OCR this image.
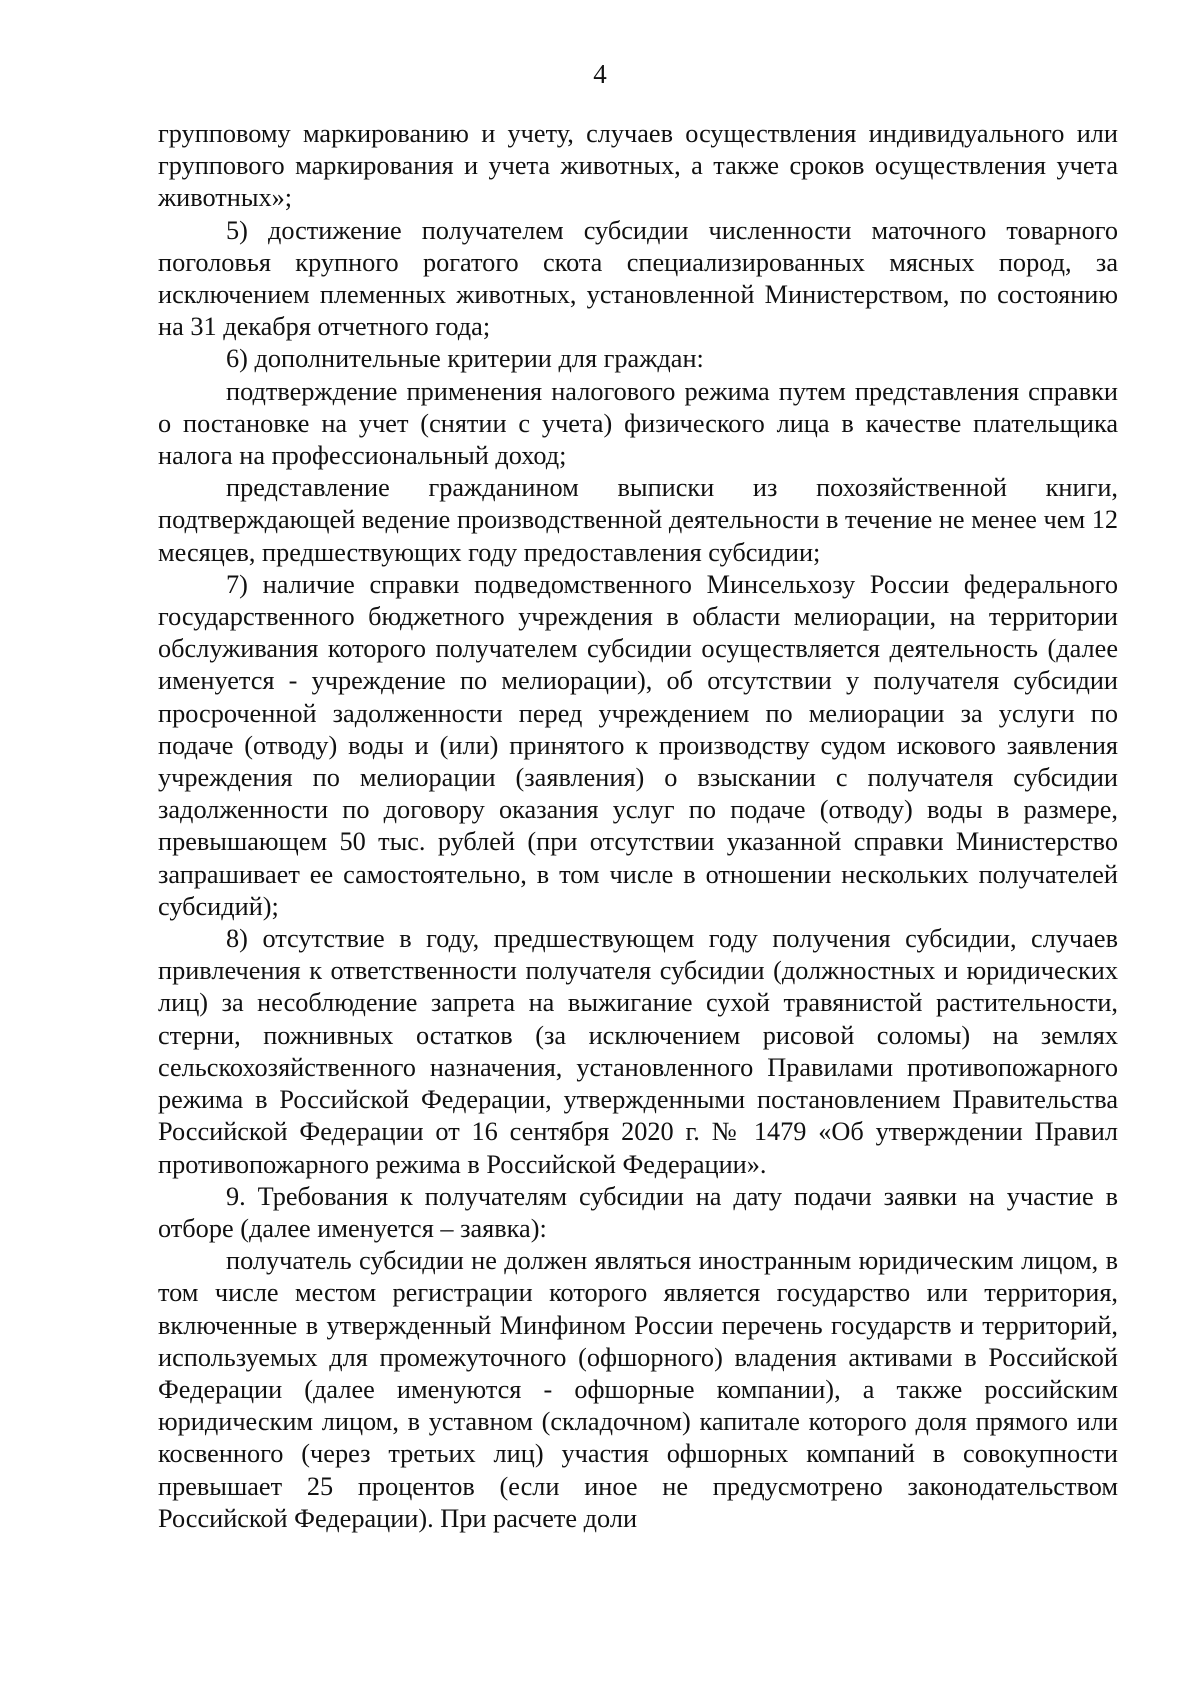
4

групповому маркированию и учету, случаев осуществления индивидуального или группового маркирования и учета животных, а также сроков осуществления учета животных»;

5) достижение получателем субсидии численности маточного товарного поголовья крупного рогатого скота специализированных мясных пород, за исключением племенных животных, установленной Министерством, по состоянию на 31 декабря отчетного года;

6) дополнительные критерии для граждан:

подтверждение применения налогового режима путем представления справки о постановке на учет (снятии с учета) физического лица в качестве плательщика налога на профессиональный доход;

представление гражданином выписки из похозяйственной книги, подтверждающей ведение производственной деятельности в течение не менее чем 12 месяцев, предшествующих году предоставления субсидии;

7) наличие справки подведомственного Минсельхозу России федерального государственного бюджетного учреждения в области мелиорации, на территории обслуживания которого получателем субсидии осуществляется деятельность (далее именуется - учреждение по мелиорации), об отсутствии у получателя субсидии просроченной задолженности перед учреждением по мелиорации за услуги по подаче (отводу) воды и (или) принятого к производству судом искового заявления учреждения по мелиорации (заявления) о взыскании с получателя субсидии задолженности по договору оказания услуг по подаче (отводу) воды в размере, превышающем 50 тыс. рублей (при отсутствии указанной справки Министерство запрашивает ее самостоятельно, в том числе в отношении нескольких получателей субсидий);

8) отсутствие в году, предшествующем году получения субсидии, случаев привлечения к ответственности получателя субсидии (должностных и юридических лиц) за несоблюдение запрета на выжигание сухой травянистой растительности, стерни, пожнивных остатков (за исключением рисовой соломы) на землях сельскохозяйственного назначения, установленного Правилами противопожарного режима в Российской Федерации, утвержденными постановлением Правительства Российской Федерации от 16 сентября 2020 г. № 1479 «Об утверждении Правил противопожарного режима в Российской Федерации».

9. Требования к получателям субсидии на дату подачи заявки на участие в отборе (далее именуется – заявка):

получатель субсидии не должен являться иностранным юридическим лицом, в том числе местом регистрации которого является государство или территория, включенные в утвержденный Минфином России перечень государств и территорий, используемых для промежуточного (офшорного) владения активами в Российской Федерации (далее именуются - офшорные компании), а также российским юридическим лицом, в уставном (складочном) капитале которого доля прямого или косвенного (через третьих лиц) участия офшорных компаний в совокупности превышает 25 процентов (если иное не предусмотрено законодательством Российской Федерации). При расчете доли
